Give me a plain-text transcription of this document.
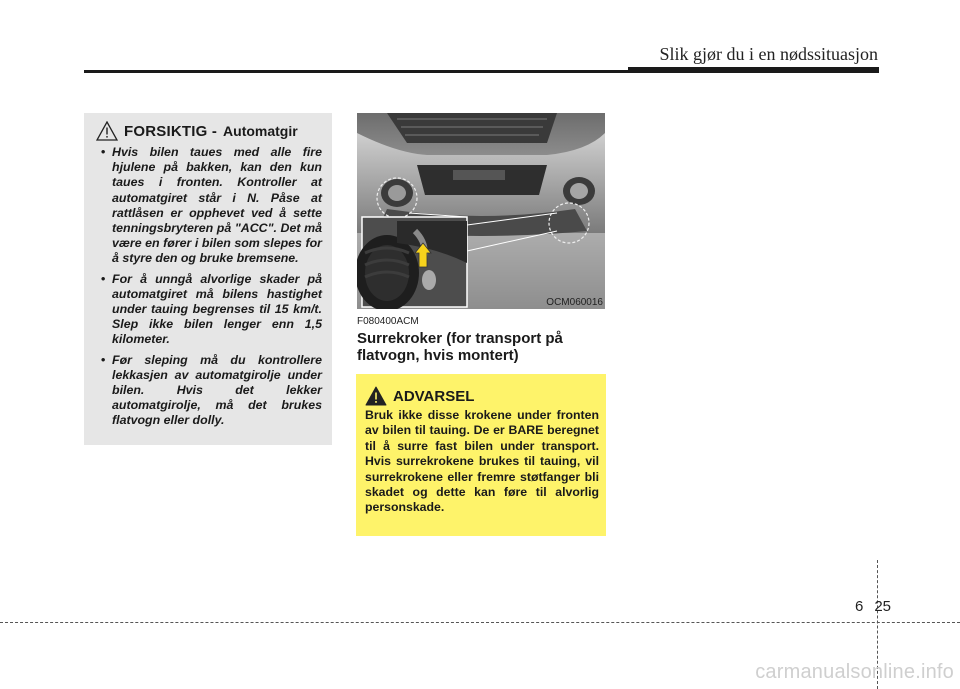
Slik gjør du i en nødssituasjon
FORSIKTIG - Automatgir
• Hvis bilen taues med alle fire hjulene på bakken, kan den kun taues i fronten. Kontroller at automatgiret står i N. Påse at rattlåsen er opphevet ved å sette tenningsbryteren på "ACC". Det må være en fører i bilen som slepes for å styre den og bruke bremsene.
• For å unngå alvorlige skader på automatgiret må bilens hastighet under tauing begrenses til 15 km/t. Slep ikke bilen lenger enn 1,5 kilometer.
• Før sleping må du kontrollere lekkasjen av automatgirolje under bilen. Hvis det lekker automatgirolje, må det brukes flatvogn eller dolly.
OCM060016
F080400ACM
Surrekroker (for transport på flatvogn, hvis montert)
ADVARSEL
Bruk ikke disse krokene under fronten av bilen til tauing. De er BARE beregnet til å surre fast bilen under transport. Hvis surrekrokene brukes til tauing, vil surrekrokene eller fremre støtfanger bli skadet og dette kan føre til alvorlig personskade.
6 25
carmanualsonline.info
